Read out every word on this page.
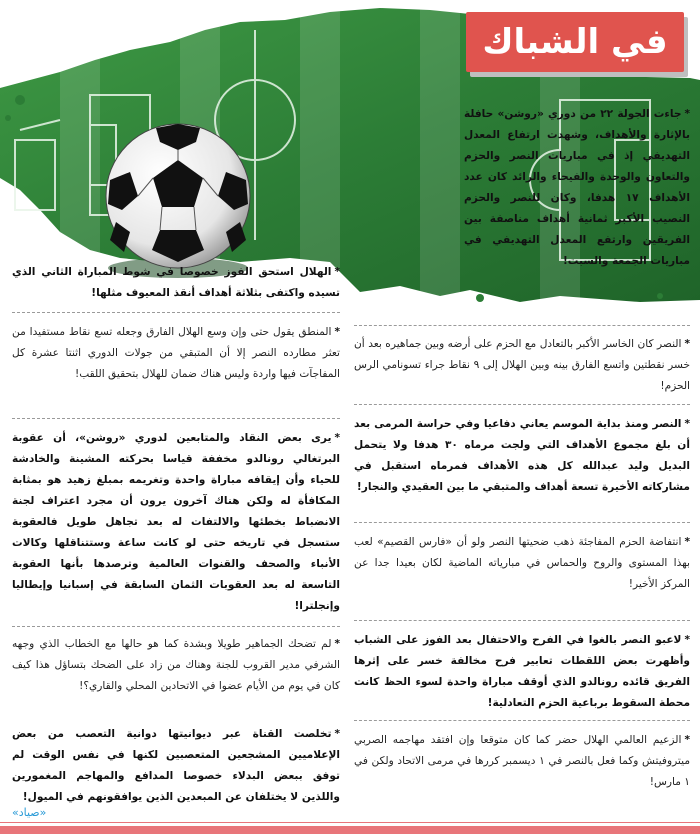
في الشباك
*جاءت الجولة ٢٢ من دوري «روشن» حافلة بالإثارة والأهداف، وشهدت ارتفاع المعدل التهديفي إذ في مباريات النصر والحزم والتعاون والوحدة والفيحاء والرائد كان عدد الأهداف ١٧ هدفا، وكان للنصر والحزم النصيب الأكبر ثمانية أهداف مناصفة بين الفريقين وارتفع المعدل التهديفي في مباريات الجمعة والسبت!
*النصر كان الخاسر الأكبر بالتعادل مع الحزم على أرضه وبين جماهيره بعد أن خسر نقطتين واتسع الفارق بينه وبين الهلال إلى ٩ نقاط جراء تسونامي الرس الحزم!
*النصر ومنذ بداية الموسم يعاني دفاعيا وفي حراسة المرمى بعد أن بلغ مجموع الأهداف التي ولجت مرماه ٣٠ هدفا ولا يتحمل البديل وليد عبدالله كل هذه الأهداف فمرماه استقبل في مشاركاته الأخيرة تسعة أهداف والمتبقي ما بين العقيدي والنجار!
*انتفاضة الحزم المفاجئة ذهب ضحيتها النصر ولو أن «فارس القصيم» لعب بهذا المستوى والروح والحماس في مبارياته الماضية لكان بعيدا جدا عن المركز الأخير!
*لاعبو النصر بالغوا في الفرح والاحتفال بعد الفوز على الشباب وأظهرت بعض اللقطات تعابير فرح مخالفة خسر على إثرها الفريق قائده رونالدو الذي أوقف مباراة واحدة لسوء الحظ كانت محطة السقوط برباعية الحزم التعادلية!
*الزعيم العالمي الهلال حضر كما كان متوقعا وإن افتقد مهاجمه الصربي ميتروفيتش وكما فعل بالنصر في ١ ديسمبر كررها في مرمى الاتحاد ولكن في ١ مارس!
*الهلال استحق الفوز خصوصا في شوط المباراة الثاني الذي تسيده واكتفى بثلاثة أهداف أنقذ المعيوف مثلها!
*المنطق يقول حتى وإن وسع الهلال الفارق وجعله تسع نقاط مستفيدا من تعثر مطارده النصر إلا أن المتبقي من جولات الدوري اثنتا عشرة كل المفاجآت فيها واردة وليس هناك ضمان للهلال بتحقيق اللقب!
*يرى بعض النقاد والمتابعين لدوري «روشن»، أن عقوبة البرتغالي رونالدو مخففة قياسا بحركته المشينة والخادشة للحياء وأن إيقافه مباراة واحدة وتغريمه بمبلغ زهيد هو بمثابة المكافأة له ولكن هناك آخرون يرون أن مجرد اعتراف لجنة الانضباط بخطئها والالتفات له بعد تجاهل طويل فالعقوبة ستسجل في تاريخه حتى لو كانت ساعة وستتناقلها وكالات الأنباء والصحف والقنوات العالمية وترصدها بأنها العقوبة التاسعة له بعد العقوبات الثمان السابقة في إسبانيا وإيطاليا وإنجلترا!
*لم تضحك الجماهير طويلا وبشدة كما هو حالها مع الخطاب الذي وجهه الشرفي مدير القروب للجنة وهناك من زاد على الضحك بتساؤل هذا كيف كان في يوم من الأيام عضوا في الاتحادين المحلي والقاري؟!
*تخلصت القناة عبر ديوانيتها دوانية التعصب من بعض الإعلاميين المشجعين المتعصبين لكنها في نفس الوقت لم توفق ببعض البدلاء خصوصا المدافع والمهاجم المغمورين واللذين لا يختلفان عن المبعدين الذين يوافقونهم في الميول!
«صياد»
